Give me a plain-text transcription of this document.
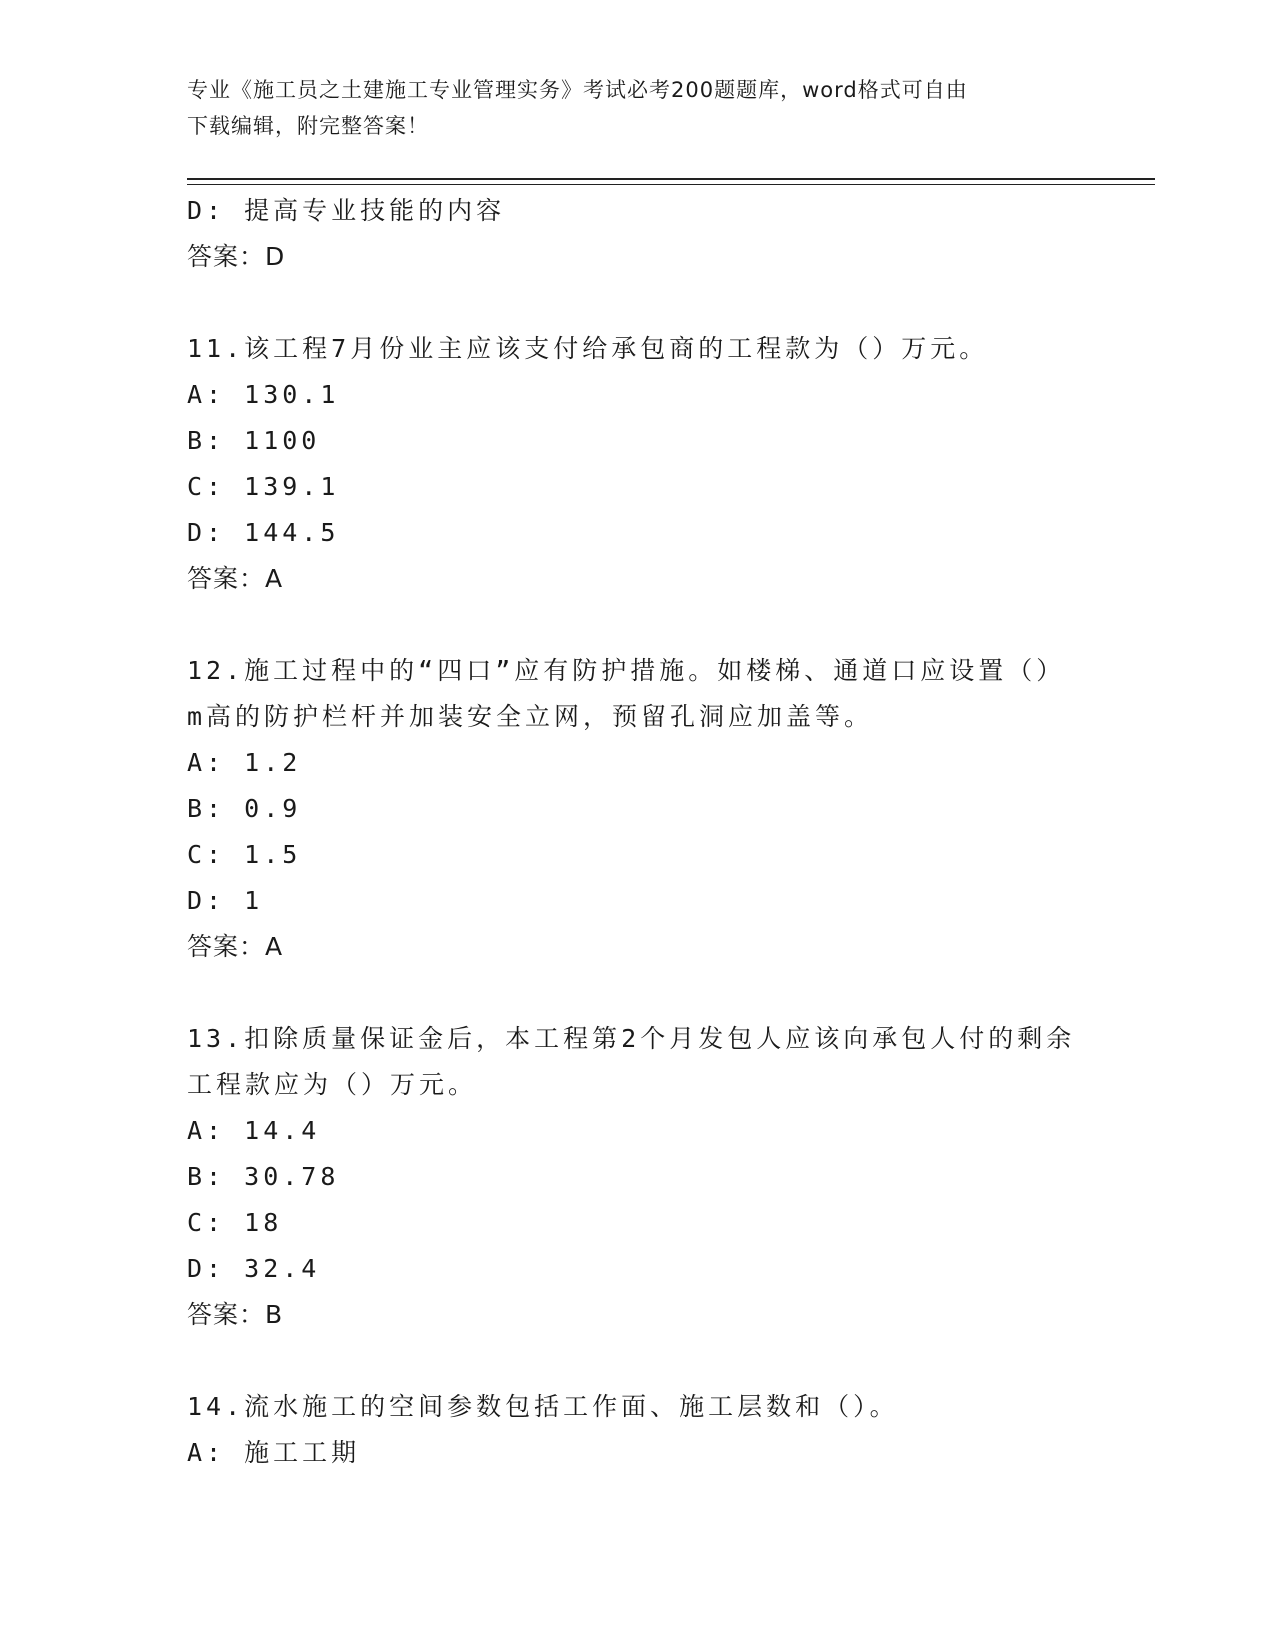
专业《施工员之土建施工专业管理实务》考试必考200题题库，word格式可自由
下载编辑，附完整答案！
D: 提高专业技能的内容
答案：D
11.该工程7月份业主应该支付给承包商的工程款为（）万元。
A: 130.1
B: 1100
C: 139.1
D: 144.5
答案：A
12.施工过程中的“四口”应有防护措施。如楼梯、通道口应设置（）
m高的防护栏杆并加装安全立网，预留孔洞应加盖等。
A: 1.2
B: 0.9
C: 1.5
D: 1
答案：A
13.扣除质量保证金后，本工程第2个月发包人应该向承包人付的剩余
工程款应为（）万元。
A: 14.4
B: 30.78
C: 18
D: 32.4
答案：B
14.流水施工的空间参数包括工作面、施工层数和（）。
A: 施工工期
